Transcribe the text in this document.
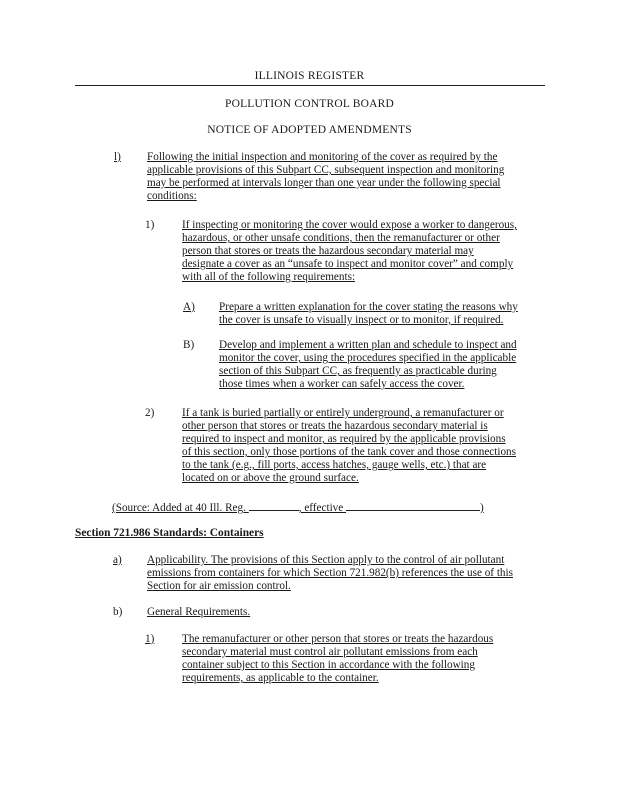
ILLINOIS REGISTER
POLLUTION CONTROL BOARD
NOTICE OF ADOPTED AMENDMENTS
l) Following the initial inspection and monitoring of the cover as required by the
applicable provisions of this Subpart CC, subsequent inspection and monitoring
may be performed at intervals longer than one year under the following special
conditions:
1) If inspecting or monitoring the cover would expose a worker to dangerous,
hazardous, or other unsafe conditions, then the remanufacturer or other
person that stores or treats the hazardous secondary material may
designate a cover as an “unsafe to inspect and monitor cover” and comply
with all of the following requirements:
A) Prepare a written explanation for the cover stating the reasons why
the cover is unsafe to visually inspect or to monitor, if required.
B) Develop and implement a written plan and schedule to inspect and
monitor the cover, using the procedures specified in the applicable
section of this Subpart CC, as frequently as practicable during
those times when a worker can safely access the cover.
2) If a tank is buried partially or entirely underground, a remanufacturer or
other person that stores or treats the hazardous secondary material is
required to inspect and monitor, as required by the applicable provisions
of this section, only those portions of the tank cover and those connections
to the tank (e.g., fill ports, access hatches, gauge wells, etc.) that are
located on or above the ground surface.
(Source: Added at 40 Ill. Reg.	, effective	)
Section 721.986 Standards: Containers
a) Applicability. The provisions of this Section apply to the control of air pollutant
emissions from containers for which Section 721.982(b) references the use of this
Section for air emission control.
b) General Requirements.
1) The remanufacturer or other person that stores or treats the hazardous
secondary material must control air pollutant emissions from each
container subject to this Section in accordance with the following
requirements, as applicable to the container.
